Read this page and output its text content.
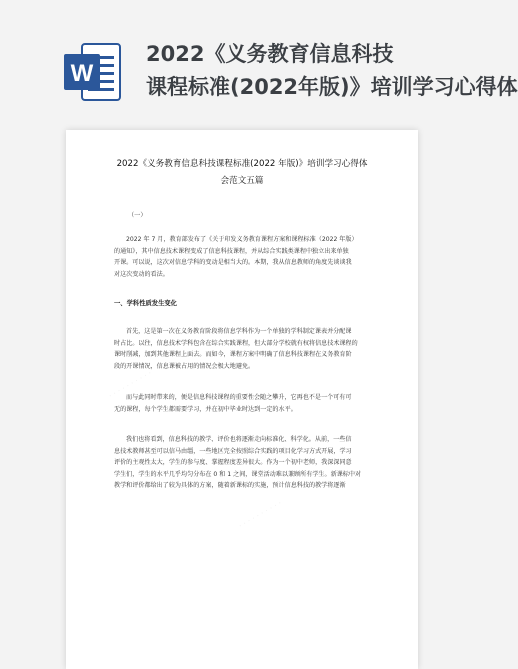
W
2022《义务教育信息科技
课程标准(2022年版)》培训学习心得体
· · · · · · · · · ·
· · · · · · · · · ·
2022《义务教育信息科技课程标准(2022 年版)》培训学习心得体
会范文五篇
（一）
2022 年 7 月，教育部发布了《关于印发义务教育课程方案和课程标准（2022 年版）
的通知》，其中信息技术课程变成了信息科技课程，并从综合实践类课程中独立出来单独
开课。可以说，这次对信息学科的变动是相当大的。本期，我从信息教师的角度先谈谈我
对这次变动的看法。
一、学科性质发生变化
首先，这是第一次在义务教育阶段将信息学科作为一个单独的学科制定课表并分配课
时占比。以往，信息技术学科包含在综合实践课程，但大部分学校就有权将信息技术课程的
课时削减，加到其他课程上面去。而如今，课程方案中明确了信息科技课程在义务教育阶
段的开课情况，信息课被占用的情况会极大地避免。
而与此同时带来的，便是信息科技课程的重要性会随之攀升，它再也不是一个可有可
无的课程，每个学生都需要学习，并在初中毕业时达到一定的水平。
我们也将看到，信息科技的教学、评价也将逐渐走向标准化、科学化。从前，一些信
息技术教师甚至可以信马由缰，一些地区完全按照综合实践的项目化学习方式开展，学习
评价的主观性太大，学生的参与度、掌握程度差异很大。作为一个初中老师，我深深同意
学生们，学生的水平几乎均匀分布在 0 和 1 之间，课堂活动难以兼顾所有学生。新课标中对
教学和评价都给出了较为具体的方案，随着新课标的实施，预计信息科技的教学将逐渐
